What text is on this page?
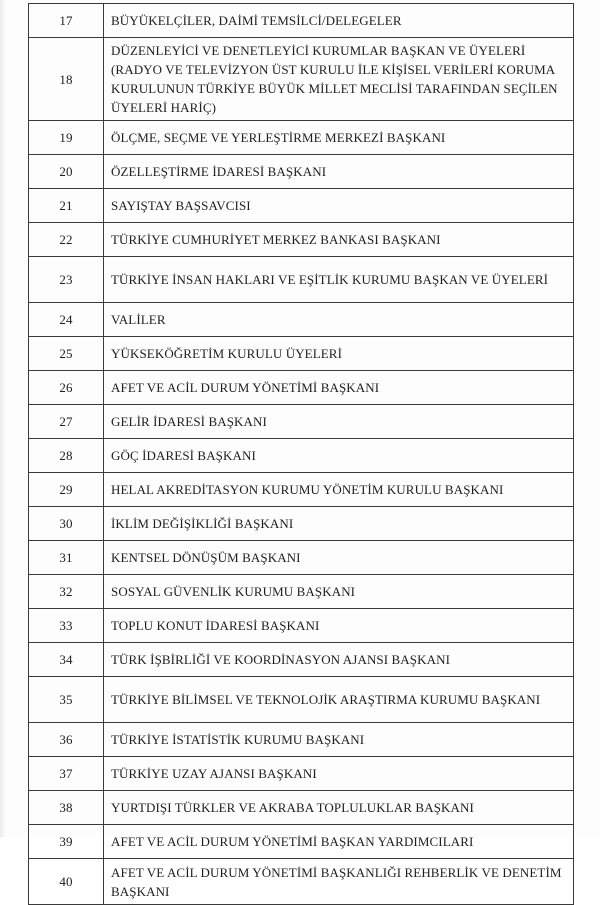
17	BÜYÜKELÇİLER, DAİMİ TEMSİLCİ/DELEGELER
18	DÜZENLEYİCİ VE DENETLEYİCİ KURUMLAR BAŞKAN VE ÜYELERİ (RADYO VE TELEVİZYON ÜST KURULU İLE KİŞİSEL VERİLERİ KORUMA KURULUNUN TÜRKİYE BÜYÜK MİLLET MECLİSİ TARAFINDAN SEÇİLEN ÜYELERİ HARİÇ)
19	ÖLÇME, SEÇME VE YERLEŞTİRME MERKEZİ BAŞKANI
20	ÖZELLEŞTİRME İDARESİ BAŞKANI
21	SAYIŞTAY BAŞSAVCISI
22	TÜRKİYE CUMHURİYET MERKEZ BANKASI BAŞKANI
23	TÜRKİYE İNSAN HAKLARI VE EŞİTLİK KURUMU BAŞKAN VE ÜYELERİ
24	VALİLER
25	YÜKSEKÖĞRETİM KURULU ÜYELERİ
26	AFET VE ACİL DURUM YÖNETİMİ BAŞKANI
27	GELİR İDARESİ BAŞKANI
28	GÖÇ İDARESİ BAŞKANI
29	HELAL AKREDİTASYON KURUMU YÖNETİM KURULU BAŞKANI
30	İKLİM DEĞİŞİKLİĞİ BAŞKANI
31	KENTSEL DÖNÜŞÜM BAŞKANI
32	SOSYAL GÜVENLİK KURUMU BAŞKANI
33	TOPLU KONUT İDARESİ BAŞKANI
34	TÜRK İŞBİRLİĞİ VE KOORDİNASYON AJANSI BAŞKANI
35	TÜRKİYE BİLİMSEL VE TEKNOLOJİK ARAŞTIRMA KURUMU BAŞKANI
36	TÜRKİYE İSTATİSTİK KURUMU BAŞKANI
37	TÜRKİYE UZAY AJANSI BAŞKANI
38	YURTDIŞI TÜRKLER VE AKRABA TOPLULUKLAR BAŞKANI
39	AFET VE ACİL DURUM YÖNETİMİ BAŞKAN YARDIMCILARI
40	AFET VE ACİL DURUM YÖNETİMİ BAŞKANLIĞI REHBERLİK VE DENETİM BAŞKANI
